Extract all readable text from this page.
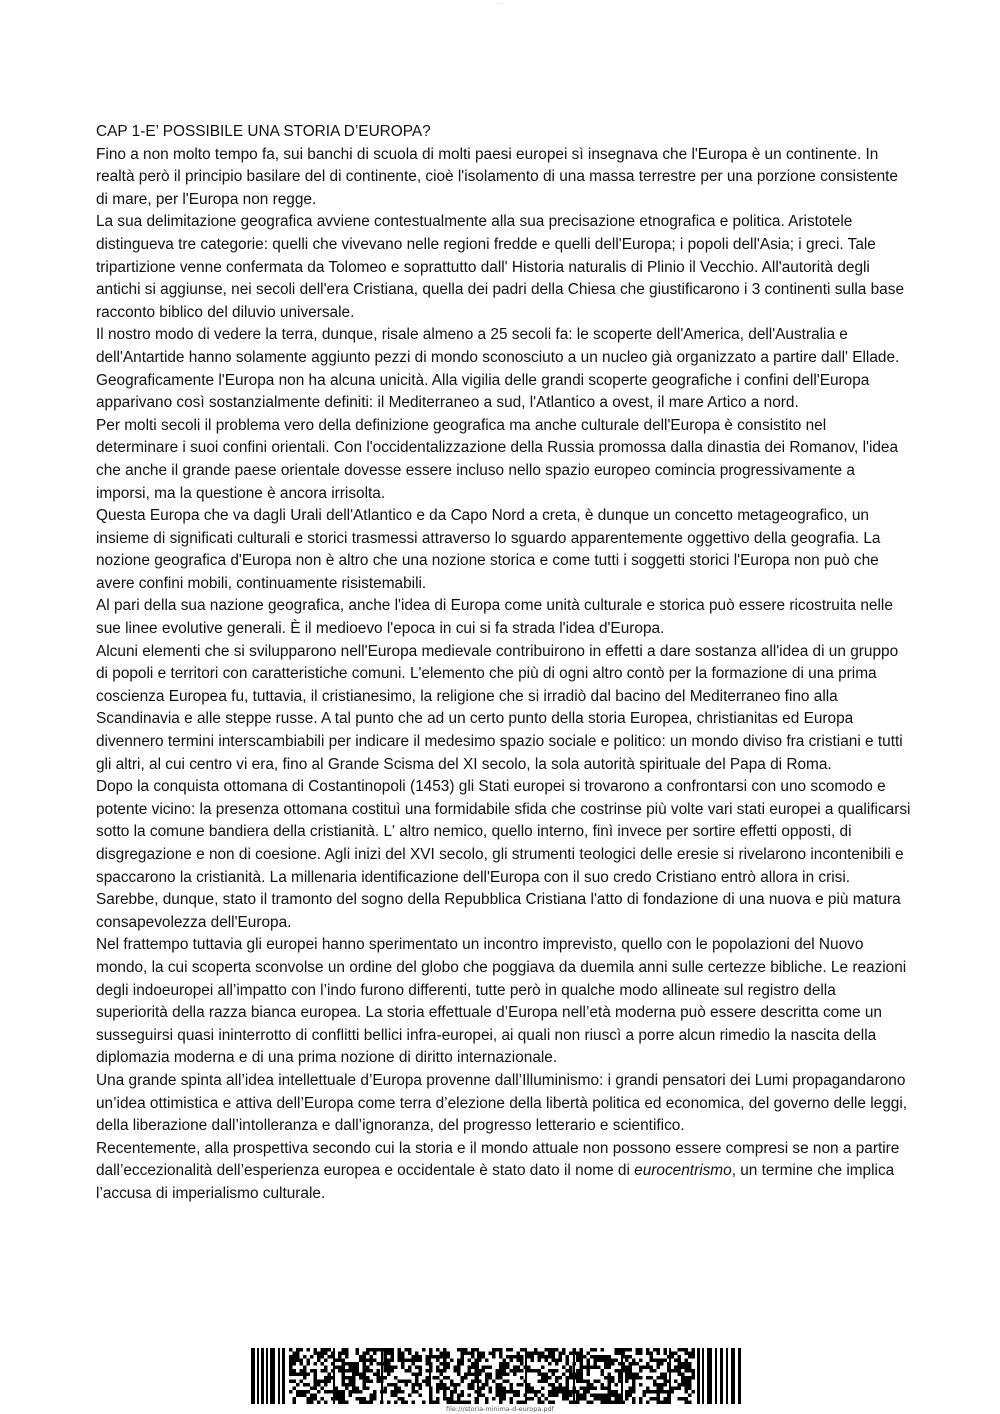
— · —

CAP 1-E’ POSSIBILE UNA STORIA D’EUROPA?

Fino a non molto tempo fa, sui banchi di scuola di molti paesi europei sì insegnava che l'Europa è un continente. In realtà però il principio basilare del di continente, cioè l'isolamento di una massa terrestre per una porzione consistente di mare, per l'Europa non regge.

La sua delimitazione geografica avviene contestualmente alla sua precisazione etnografica e politica. Aristotele distingueva tre categorie: quelli che vivevano nelle regioni fredde e quelli dell'Europa; i popoli dell'Asia; i greci. Tale tripartizione venne confermata da Tolomeo e soprattutto dall' Historia naturalis di Plinio il Vecchio. All'autorità degli antichi si aggiunse, nei secoli dell'era Cristiana, quella dei padri della Chiesa che giustificarono i 3 continenti sulla base racconto biblico del diluvio universale.

Il nostro modo di vedere la terra, dunque, risale almeno a 25 secoli fa: le scoperte dell'America, dell'Australia e dell'Antartide hanno solamente aggiunto pezzi di mondo sconosciuto a un nucleo già organizzato a partire dall' Ellade.

Geograficamente l'Europa non ha alcuna unicità. Alla vigilia delle grandi scoperte geografiche i confini dell'Europa apparivano così sostanzialmente definiti: il Mediterraneo a sud, l'Atlantico a ovest, il mare Artico a nord.

Per molti secoli il problema vero della definizione geografica ma anche culturale dell'Europa è consistito nel determinare i suoi confini orientali. Con l'occidentalizzazione della Russia promossa dalla dinastia dei Romanov, l'idea che anche il grande paese orientale dovesse essere incluso nello spazio europeo comincia progressivamente a imporsi, ma la questione è ancora irrisolta.

Questa Europa che va dagli Urali dell'Atlantico e da Capo Nord a creta, è dunque un concetto metageografico, un insieme di significati culturali e storici trasmessi attraverso lo sguardo apparentemente oggettivo della geografia. La nozione geografica d'Europa non è altro che una nozione storica e come tutti i soggetti storici l'Europa non può che avere confini mobili, continuamente risistemabili.

Al pari della sua nazione geografica, anche l'idea di Europa come unità culturale e storica può essere ricostruita nelle sue linee evolutive generali. È il medioevo l'epoca in cui si fa strada l'idea d'Europa.

Alcuni elementi che si svilupparono nell'Europa medievale contribuirono in effetti a dare sostanza all'idea di un gruppo di popoli e territori con caratteristiche comuni. L'elemento che più di ogni altro contò per la formazione di una prima coscienza Europea fu, tuttavia, il cristianesimo, la religione che si irradiò dal bacino del Mediterraneo fino alla Scandinavia e alle steppe russe. A tal punto che ad un certo punto della storia Europea, christianitas ed Europa divennero termini interscambiabili per indicare il medesimo spazio sociale e politico: un mondo diviso fra cristiani e tutti gli altri, al cui centro vi era, fino al Grande Scisma del XI secolo, la sola autorità spirituale del Papa di Roma.

Dopo la conquista ottomana di Costantinopoli (1453) gli Stati europei si trovarono a confrontarsi con uno scomodo e potente vicino: la presenza ottomana costituì una formidabile sfida che costrinse più volte vari stati europei a qualificarsi sotto la comune bandiera della cristianità. L' altro nemico, quello interno, finì invece per sortire effetti opposti, di disgregazione e non di coesione. Agli inizi del XVI secolo, gli strumenti teologici delle eresie si rivelarono incontenibili e spaccarono la cristianità. La millenaria identificazione dell'Europa con il suo credo Cristiano entrò allora in crisi. Sarebbe, dunque, stato il tramonto del sogno della Repubblica Cristiana l'atto di fondazione di una nuova e più matura consapevolezza dell'Europa.

Nel frattempo tuttavia gli europei hanno sperimentato un incontro imprevisto, quello con le popolazioni del Nuovo mondo, la cui scoperta sconvolse un ordine del globo che poggiava da duemila anni sulle certezze bibliche. Le reazioni degli indoeuropei all’impatto con l’indo furono differenti, tutte però in qualche modo allineate sul registro della superiorità della razza bianca europea. La storia effettuale d’Europa nell’età moderna può essere descritta come un susseguirsi quasi ininterrotto di conflitti bellici infra-europei, ai quali non riuscì a porre alcun rimedio la nascita della diplomazia moderna e di una prima nozione di diritto internazionale.

Una grande spinta all’idea intellettuale d’Europa provenne dall’Illuminismo: i grandi pensatori dei Lumi propagandarono un’idea ottimistica e attiva dell’Europa come terra d’elezione della libertà politica ed economica, del governo delle leggi, della liberazione dall’intolleranza e dall’ignoranza, del progresso letterario e scientifico.

Recentemente, alla prospettiva secondo cui la storia e il mondo attuale non possono essere compresi se non a partire dall’eccezionalità dell’esperienza europea e occidentale è stato dato il nome di eurocentrismo, un termine che implica l’accusa di imperialismo culturale.

file:///storia-minima-d-europa.pdf
